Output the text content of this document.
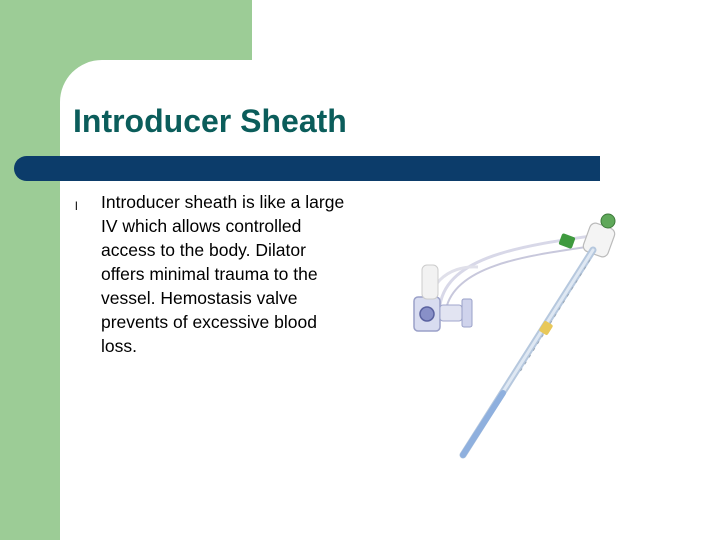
Introducer Sheath
l Introducer sheath is like a large IV which allows controlled access to the body. Dilator offers minimal trauma to the vessel. Hemostasis valve prevents of excessive blood loss.
